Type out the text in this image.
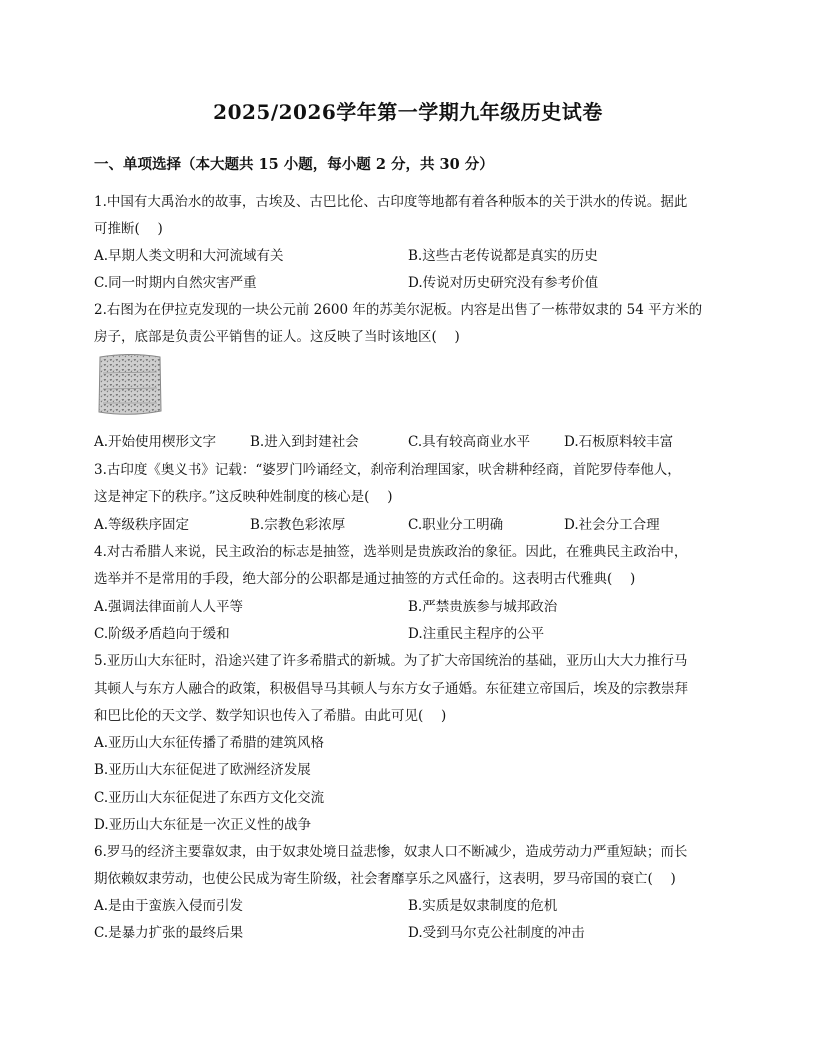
2025/2026学年第一学期九年级历史试卷
一、单项选择（本大题共 15 小题，每小题 2 分，共 30 分）
1.中国有大禹治水的故事，古埃及、古巴比伦、古印度等地都有着各种版本的关于洪水的传说。据此
可推断(　 )
A.早期人类文明和大河流域有关	B.这些古老传说都是真实的历史
C.同一时期内自然灾害严重	D.传说对历史研究没有参考价值
2.右图为在伊拉克发现的一块公元前 2600 年的苏美尔泥板。内容是出售了一栋带奴隶的 54 平方米的
房子，底部是负责公平销售的证人。这反映了当时该地区(　 )
A.开始使用楔形文字	B.进入到封建社会	C.具有较高商业水平	D.石板原料较丰富
3.古印度《奥义书》记载：“婆罗门吟诵经文，刹帝利治理国家，吠舍耕种经商，首陀罗侍奉他人，
这是神定下的秩序。”这反映种姓制度的核心是(　 )
A.等级秩序固定	B.宗教色彩浓厚	C.职业分工明确	D.社会分工合理
4.对古希腊人来说，民主政治的标志是抽签，选举则是贵族政治的象征。因此，在雅典民主政治中，
选举并不是常用的手段，绝大部分的公职都是通过抽签的方式任命的。这表明古代雅典(　 )
A.强调法律面前人人平等	B.严禁贵族参与城邦政治
C.阶级矛盾趋向于缓和	D.注重民主程序的公平
5.亚历山大东征时，沿途兴建了许多希腊式的新城。为了扩大帝国统治的基础，亚历山大大力推行马
其顿人与东方人融合的政策，积极倡导马其顿人与东方女子通婚。东征建立帝国后，埃及的宗教崇拜
和巴比伦的天文学、数学知识也传入了希腊。由此可见(　 )
A.亚历山大东征传播了希腊的建筑风格
B.亚历山大东征促进了欧洲经济发展
C.亚历山大东征促进了东西方文化交流
D.亚历山大东征是一次正义性的战争
6.罗马的经济主要靠奴隶，由于奴隶处境日益悲惨，奴隶人口不断减少，造成劳动力严重短缺；而长
期依赖奴隶劳动，也使公民成为寄生阶级，社会奢靡享乐之风盛行，这表明，罗马帝国的衰亡(　 )
A.是由于蛮族入侵而引发	B.实质是奴隶制度的危机
C.是暴力扩张的最终后果	D.受到马尔克公社制度的冲击
